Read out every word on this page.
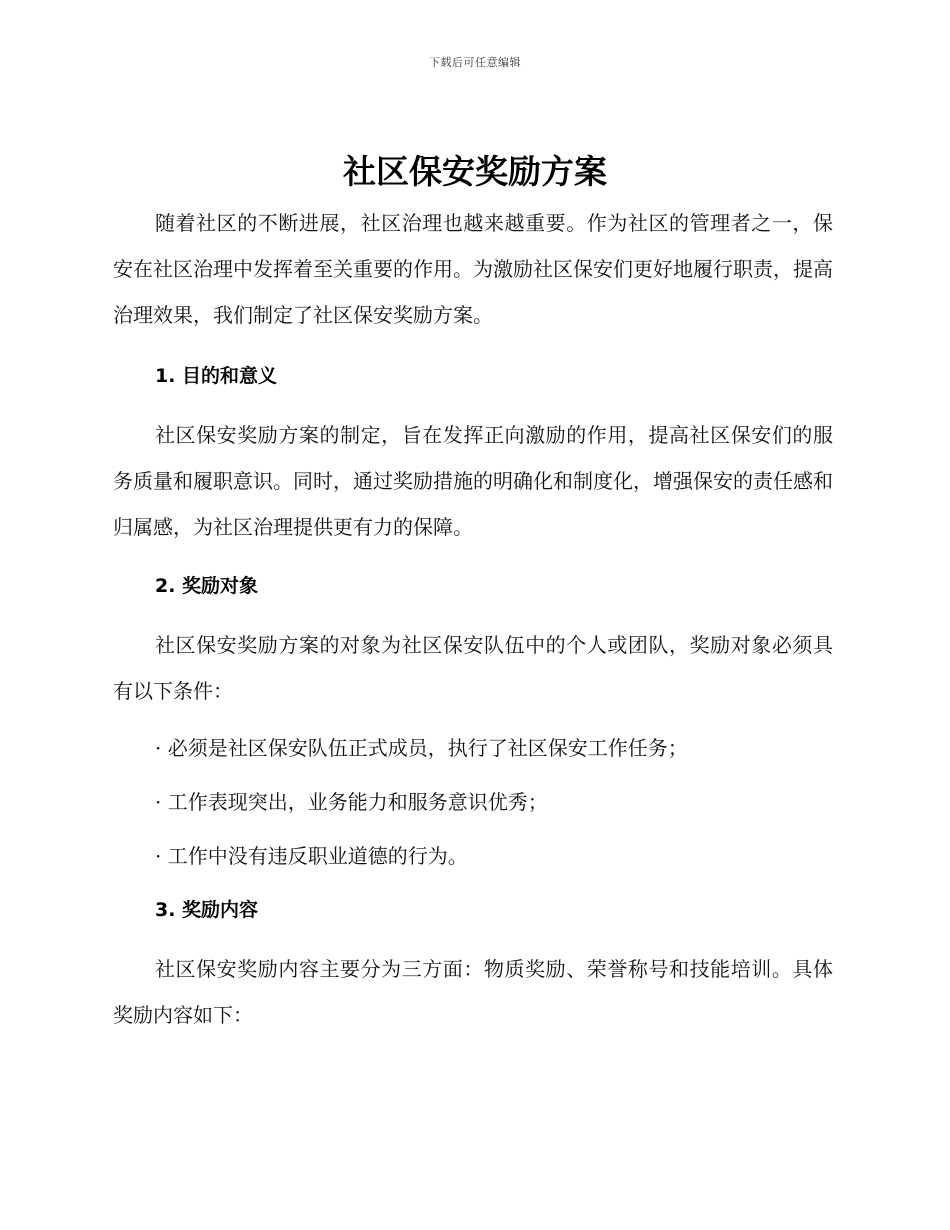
下载后可任意编辑
社区保安奖励方案

随着社区的不断进展，社区治理也越来越重要。作为社区的管理者之一，保安在社区治理中发挥着至关重要的作用。为激励社区保安们更好地履行职责，提高治理效果，我们制定了社区保安奖励方案。

1. 目的和意义

社区保安奖励方案的制定，旨在发挥正向激励的作用，提高社区保安们的服务质量和履职意识。同时，通过奖励措施的明确化和制度化，增强保安的责任感和归属感，为社区治理提供更有力的保障。

2. 奖励对象

社区保安奖励方案的对象为社区保安队伍中的个人或团队，奖励对象必须具有以下条件：

· 必须是社区保安队伍正式成员，执行了社区保安工作任务；
· 工作表现突出，业务能力和服务意识优秀；
· 工作中没有违反职业道德的行为。
3. 奖励内容

社区保安奖励内容主要分为三方面：物质奖励、荣誉称号和技能培训。具体奖励内容如下：
